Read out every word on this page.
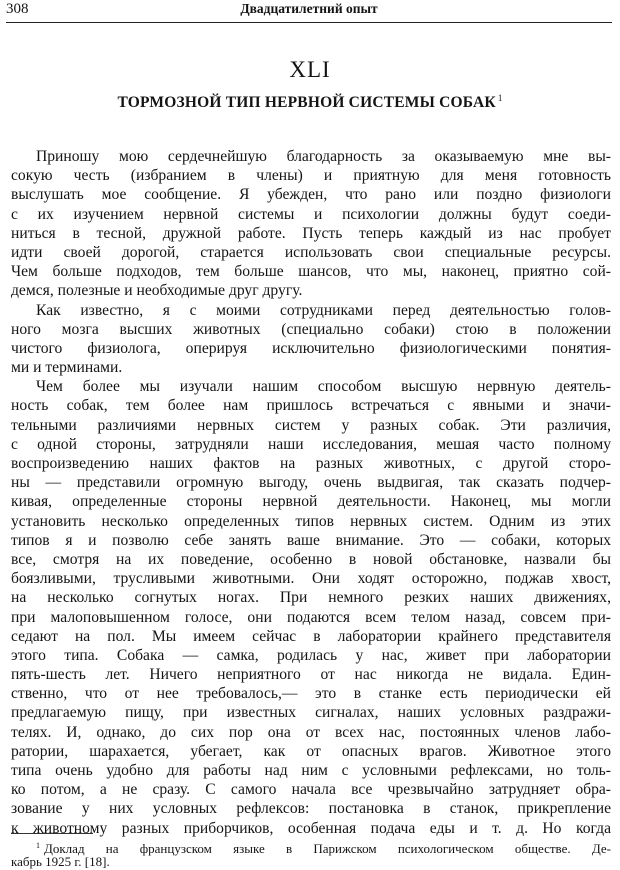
308	Двадцатилетний опыт
XLI
ТОРМОЗНОЙ ТИП НЕРВНОЙ СИСТЕМЫ СОБАК $^1$
Приношу мою сердечнейшую благодарность за оказываемую мне вы-
сокую честь (избранием в члены) и приятную для меня готовность
выслушать мое сообщение. Я убежден, что рано или поздно физиологи
с их изучением нервной системы и психологии должны будут соеди-
ниться в тесной, дружной работе. Пусть теперь каждый из нас пробует
идти своей дорогой, старается использовать свои специальные ресурсы.
Чем больше подходов, тем больше шансов, что мы, наконец, приятно сой-
демся, полезные и необходимые друг другу.
Как известно, я с моими сотрудниками перед деятельностью голов-
ного мозга высших животных (специально собаки) стою в положении
чистого физиолога, оперируя исключительно физиологическими понятия-
ми и терминами.
Чем более мы изучали нашим способом высшую нервную деятель-
ность собак, тем более нам пришлось встречаться с явными и значи-
тельными различиями нервных систем у разных собак. Эти различия,
с одной стороны, затрудняли наши исследования, мешая часто полному
воспроизведению наших фактов на разных животных, с другой сторо-
ны — представили огромную выгоду, очень выдвигая, так сказать подчер-
кивая, определенные стороны нервной деятельности. Наконец, мы могли
установить несколько определенных типов нервных систем. Одним из этих
типов я и позволю себе занять ваше внимание. Это — собаки, которых
все, смотря на их поведение, особенно в новой обстановке, назвали бы
боязливыми, трусливыми животными. Они ходят осторожно, поджав хвост,
на несколько согнутых ногах. При немного резких наших движениях,
при малоповышенном голосе, они подаются всем телом назад, совсем при-
седают на пол. Мы имеем сейчас в лаборатории крайнего представителя
этого типа. Собака — самка, родилась у нас, живет при лаборатории
пять-шесть лет. Ничего неприятного от нас никогда не видала. Един-
ственно, что от нее требовалось,— это в станке есть периодически ей
предлагаемую пищу, при известных сигналах, наших условных раздражи-
телях. И, однако, до сих пор она от всех нас, постоянных членов лабо-
ратории, шарахается, убегает, как от опасных врагов. Животное этого
типа очень удобно для работы над ним с условными рефлексами, но толь-
ко потом, а не сразу. С самого начала все чрезвычайно затрудняет обра-
зование у них условных рефлексов: постановка в станок, прикрепление
к животному разных приборчиков, особенная подача еды и т. д. Но когда
$^1$ Доклад на французском языке в Парижском психологическом обществе. Де-
кабрь 1925 г. [18].
